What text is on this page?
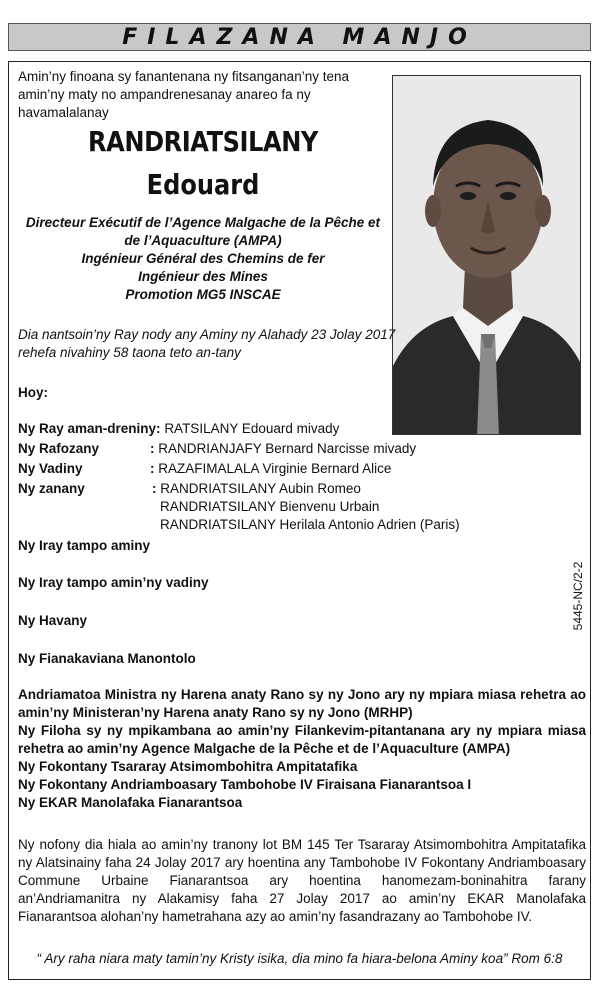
FILAZANA MANJO
Amin’ny finoana sy fanantenana ny fitsanganan’ny tena amin’ny maty no ampandrenesanay anareo fa ny havamalalanay
RANDRIATSILANY
Edouard
Directeur Exécutif de l’Agence Malgache de la Pêche et
de l’Aquaculture (AMPA)
Ingénieur Général des Chemins de fer
Ingénieur des Mines
Promotion MG5 INSCAE
Dia nantsoin’ny Ray nody any Aminy ny Alahady 23 Jolay 2017
rehefa nivahiny 58 taona teto an-tany
Hoy:
Ny Ray aman-dreniny: RATSILANY Edouard mivady
Ny Rafozany	: RANDRIANJAFY Bernard Narcisse mivady
Ny Vadiny	: RAZAFIMALALA Virginie Bernard Alice
Ny zanany	: RANDRIATSILANY Aubin Romeo
RANDRIATSILANY Bienvenu Urbain
RANDRIATSILANY Herilala Antonio Adrien (Paris)
Ny Iray tampo aminy
Ny Iray tampo amin’ny vadiny
Ny Havany
Ny Fianakaviana Manontolo
5445-NC/2-2

Andriamatoa Ministra ny Harena anaty Rano sy ny Jono ary ny mpiara miasa rehetra ao amin’ny Ministeran’ny Harena anaty Rano sy ny Jono (MRHP)

Ny Filoha sy ny mpikambana ao amin’ny Filankevim-pitantanana ary ny mpiara miasa rehetra ao amin’ny Agence Malgache de la Pêche et de l’Aquaculture (AMPA)

Ny Fokontany Tsararay Atsimombohitra Ampitatafika

Ny Fokontany Andriamboasary Tambohobe IV Firaisana Fianarantsoa I

Ny EKAR Manolafaka Fianarantsoa

Ny nofony dia hiala ao amin’ny tranony lot BM 145 Ter Tsararay Atsimombohitra Ampitatafika ny Alatsinainy faha 24 Jolay 2017 ary hoentina any Tambohobe IV Fokontany Andriamboasary Commune Urbaine Fianarantsoa ary hoentina hanomezam-boninahitra farany an’Andriamanitra ny Alakamisy faha 27 Jolay 2017 ao amin’ny EKAR Manolafaka Fianarantsoa alohan’ny hametrahana azy ao amin’ny fasandrazany ao Tambohobe IV.
“ Ary raha niara maty tamin’ny Kristy isika, dia mino fa hiara-belona Aminy koa” Rom 6:8
